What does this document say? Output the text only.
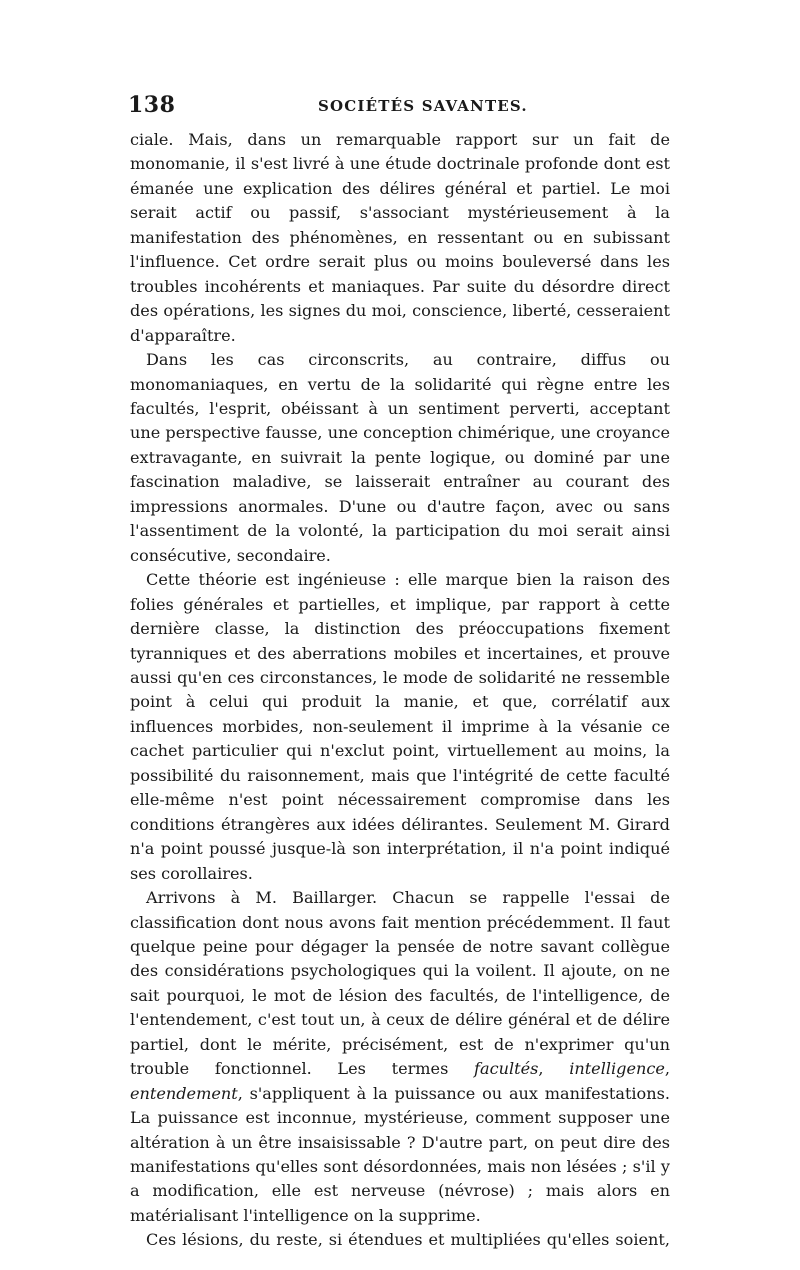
138	SOCIÉTÉS SAVANTES.

ciale. Mais, dans un remarquable rapport sur un fait de monomanie, il s'est livré à une étude doctrinale profonde dont est émanée une explication des délires général et partiel. Le moi serait actif ou passif, s'associant mystérieusement à la manifestation des phénomènes, en ressentant ou en subissant l'influence. Cet ordre serait plus ou moins bouleversé dans les troubles incohérents et maniaques. Par suite du désordre direct des opérations, les signes du moi, conscience, liberté, cesseraient d'apparaître.

Dans les cas circonscrits, au contraire, diffus ou monomaniaques, en vertu de la solidarité qui règne entre les facultés, l'esprit, obéissant à un sentiment perverti, acceptant une perspective fausse, une conception chimérique, une croyance extravagante, en suivrait la pente logique, ou dominé par une fascination maladive, se laisserait entraîner au courant des impressions anormales. D'une ou d'autre façon, avec ou sans l'assentiment de la volonté, la participation du moi serait ainsi consécutive, secondaire.

Cette théorie est ingénieuse : elle marque bien la raison des folies générales et partielles, et implique, par rapport à cette dernière classe, la distinction des préoccupations fixement tyranniques et des aberrations mobiles et incertaines, et prouve aussi qu'en ces circonstances, le mode de solidarité ne ressemble point à celui qui produit la manie, et que, corrélatif aux influences morbides, non-seulement il imprime à la vésanie ce cachet particulier qui n'exclut point, virtuellement au moins, la possibilité du raisonnement, mais que l'intégrité de cette faculté elle-même n'est point nécessairement compromise dans les conditions étrangères aux idées délirantes. Seulement M. Girard n'a point poussé jusque-là son interprétation, il n'a point indiqué ses corollaires.

Arrivons à M. Baillarger. Chacun se rappelle l'essai de classification dont nous avons fait mention précédemment. Il faut quelque peine pour dégager la pensée de notre savant collègue des considérations psychologiques qui la voilent. Il ajoute, on ne sait pourquoi, le mot de lésion des facultés, de l'intelligence, de l'entendement, c'est tout un, à ceux de délire général et de délire partiel, dont le mérite, précisément, est de n'exprimer qu'un trouble fonctionnel. Les termes facultés, intelligence, entendement, s'appliquent à la puissance ou aux manifestations. La puissance est inconnue, mystérieuse, comment supposer une altération à un être insaisissable ? D'autre part, on peut dire des manifestations qu'elles sont désordonnées, mais non lésées ; s'il y a modification, elle est nerveuse (névrose) ; mais alors en matérialisant l'intelligence on la supprime.

Ces lésions, du reste, si étendues et multipliées qu'elles soient,
